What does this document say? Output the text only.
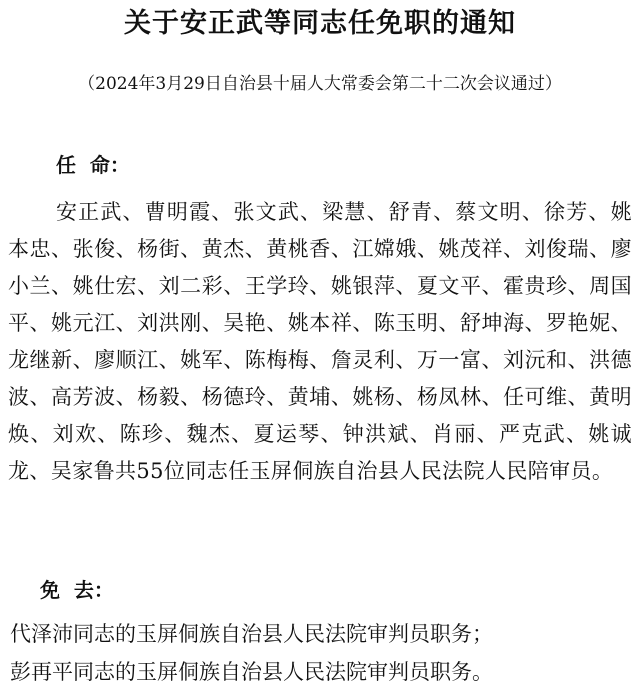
关于安正武等同志任免职的通知
（2024年3月29日自治县十届人大常委会第二十二次会议通过）
任  命：
安正武、曹明霞、张文武、梁慧、舒青、蔡文明、徐芳、姚本忠、张俊、杨街、黄杰、黄桃香、江嫦娥、姚茂祥、刘俊瑞、廖小兰、姚仕宏、刘二彩、王学玲、姚银萍、夏文平、霍贵珍、周国平、姚元江、刘洪刚、吴艳、姚本祥、陈玉明、舒坤海、罗艳妮、龙继新、廖顺江、姚军、陈梅梅、詹灵利、万一富、刘沅和、洪德波、高芳波、杨毅、杨德玲、黄埔、姚杨、杨凤林、任可维、黄明焕、刘欢、陈珍、魏杰、夏运琴、钟洪斌、肖丽、严克武、姚诚龙、吴家鲁共55位同志任玉屏侗族自治县人民法院人民陪审员。
免  去：
代泽沛同志的玉屏侗族自治县人民法院审判员职务；
彭再平同志的玉屏侗族自治县人民法院审判员职务。
